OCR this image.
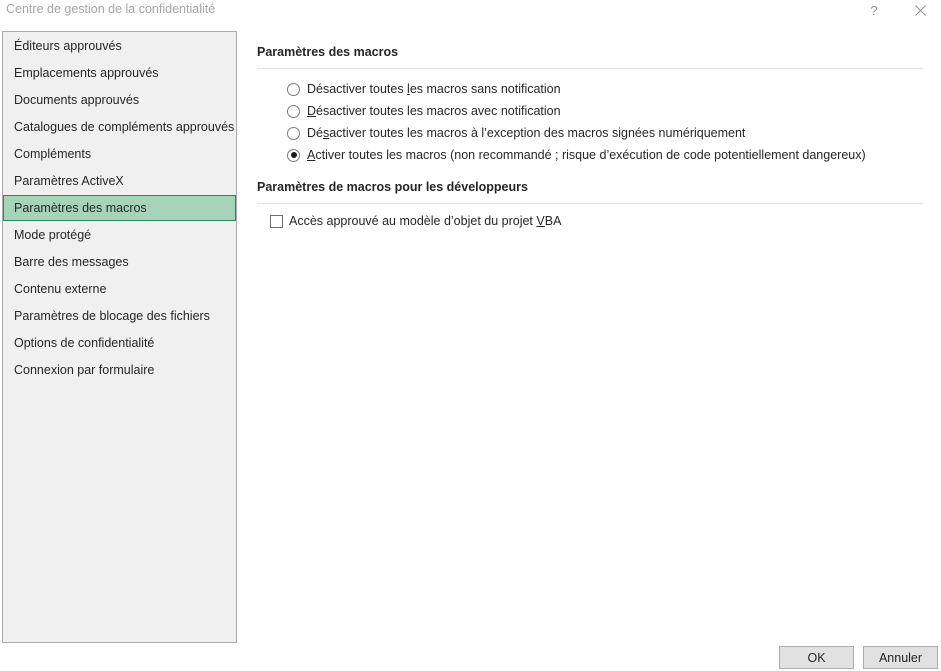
Centre de gestion de la confidentialité	?
Éditeurs approuvés
Emplacements approuvés
Documents approuvés
Catalogues de compléments approuvés
Compléments
Paramètres ActiveX
Paramètres des macros
Mode protégé
Barre des messages
Contenu externe
Paramètres de blocage des fichiers
Options de confidentialité
Connexion par formulaire
Paramètres des macros
Désactiver toutes les macros sans notification
Désactiver toutes les macros avec notification
Désactiver toutes les macros à l’exception des macros signées numériquement
Activer toutes les macros (non recommandé ; risque d’exécution de code potentiellement dangereux)
Paramètres de macros pour les développeurs
Accès approuvé au modèle d’objet du projet VBA
OK	Annuler
